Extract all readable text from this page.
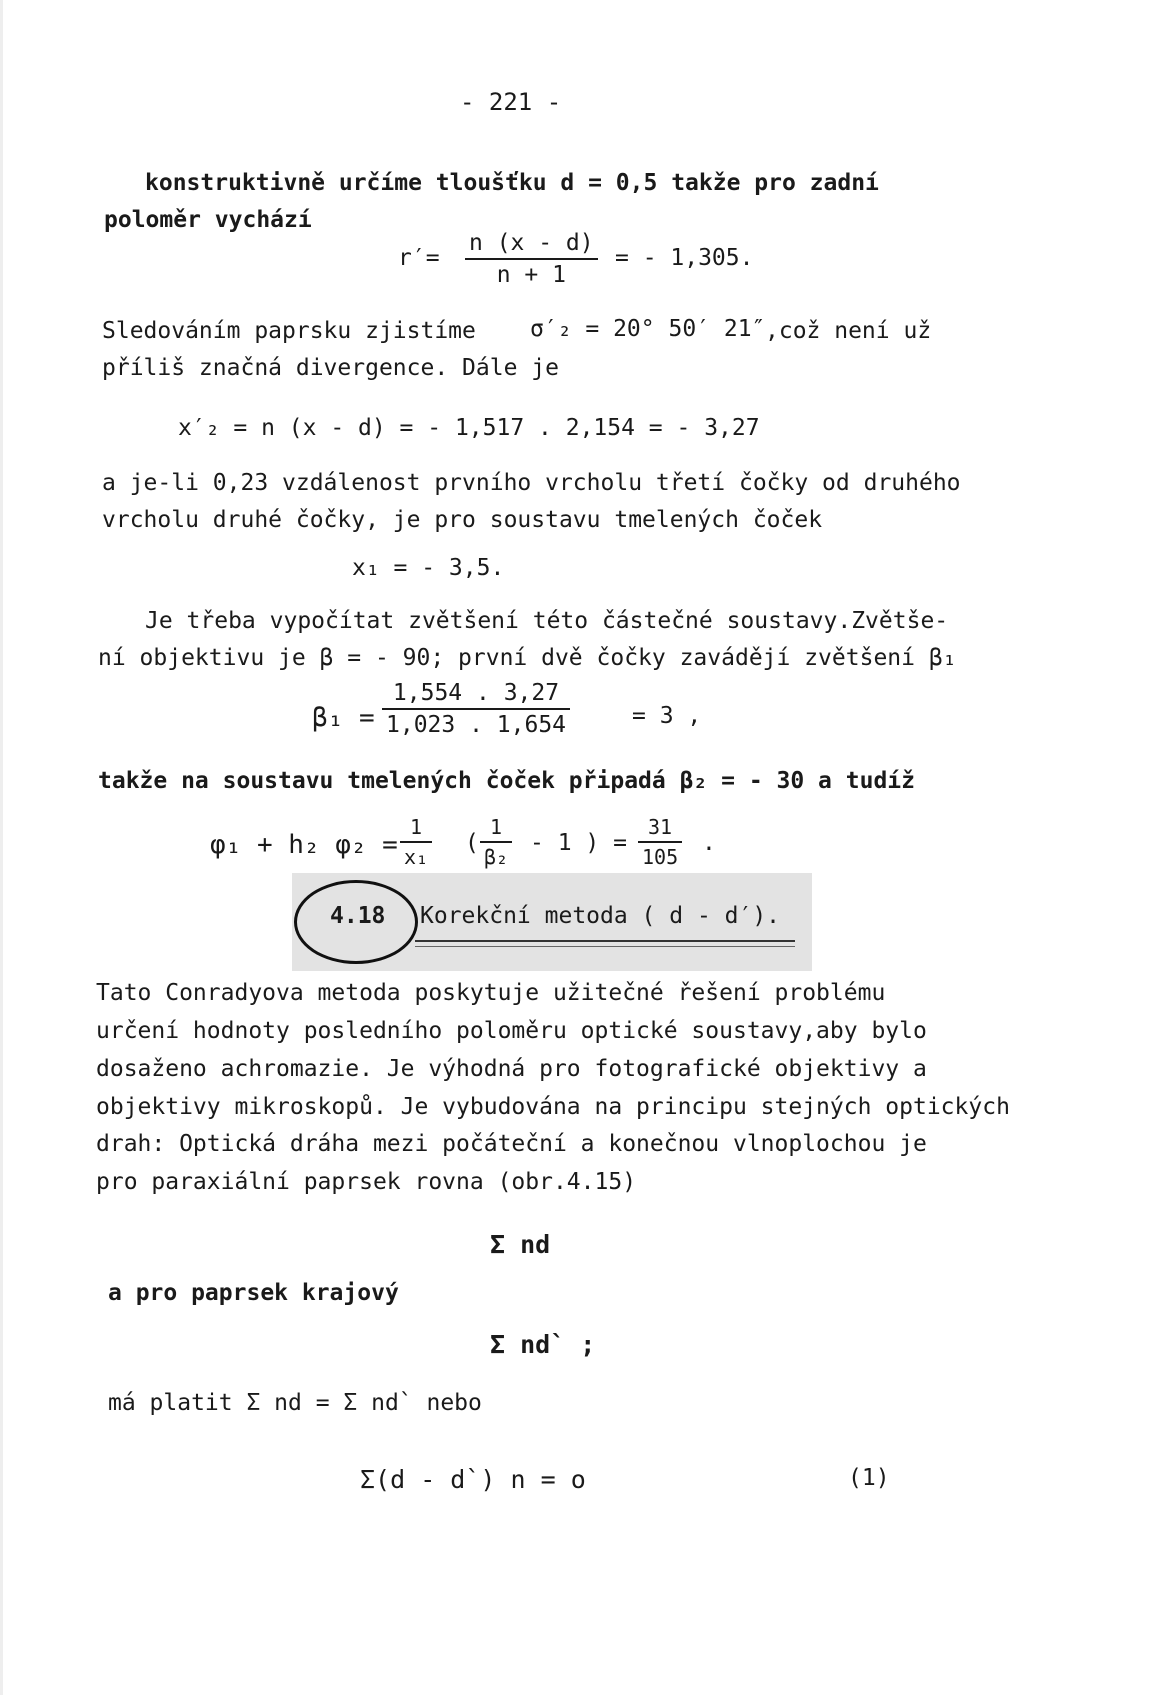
- 221 -
konstruktivně určíme tloušťku d = 0,5 takže pro zadní
poloměr vychází
$r'= \frac{n (x - d)}{n + 1}$ = - 1,305.
Sledováním paprsku zjistíme σ′₂ = 20° 50′ 21″ ,což není už
příliš značná divergence. Dále je
x′₂ = n (x - d) = - 1,517 . 2,154 = - 3,27
a je-li 0,23 vzdálenost prvního vrcholu třetí čočky od druhého
vrcholu druhé čočky, je pro soustavu tmelených čoček
x₁ = - 3,5.
Je třeba vypočítat zvětšení této částečné soustavy.Zvětše-
ní objektivu je β = - 90; první dvě čočky zavádějí zvětšení β₁
$\beta_1 = \frac{1,554 . 3,27}{1,023 . 1,654}$	= 3 ,
takže na soustavu tmelených čoček připadá β₂ = - 30 a tudíž
φ₁ + h₂ $\varphi_2 = \frac{1}{\text{x₁}}$ ( $\frac{1}{\text{β₂}} - 1$ ) = $\frac{31}{105}$ .
4.18 Korekční metoda ( d - d′).
Tato Conradyova metoda poskytuje užitečné řešení problému
určení hodnoty posledního poloměru optické soustavy,aby bylo
dosaženo achromazie. Je výhodná pro fotografické objektivy a
objektivy mikroskopů. Je vybudována na principu stejných optických
drah: Optická dráha mezi počáteční a konečnou vlnoplochou je
pro paraxiální paprsek rovna (obr.4.15)
Σ nd
a pro paprsek krajový
Σ nd` ;
má platit Σ nd = Σ nd` nebo
Σ(d - d`) n = o	(1)
